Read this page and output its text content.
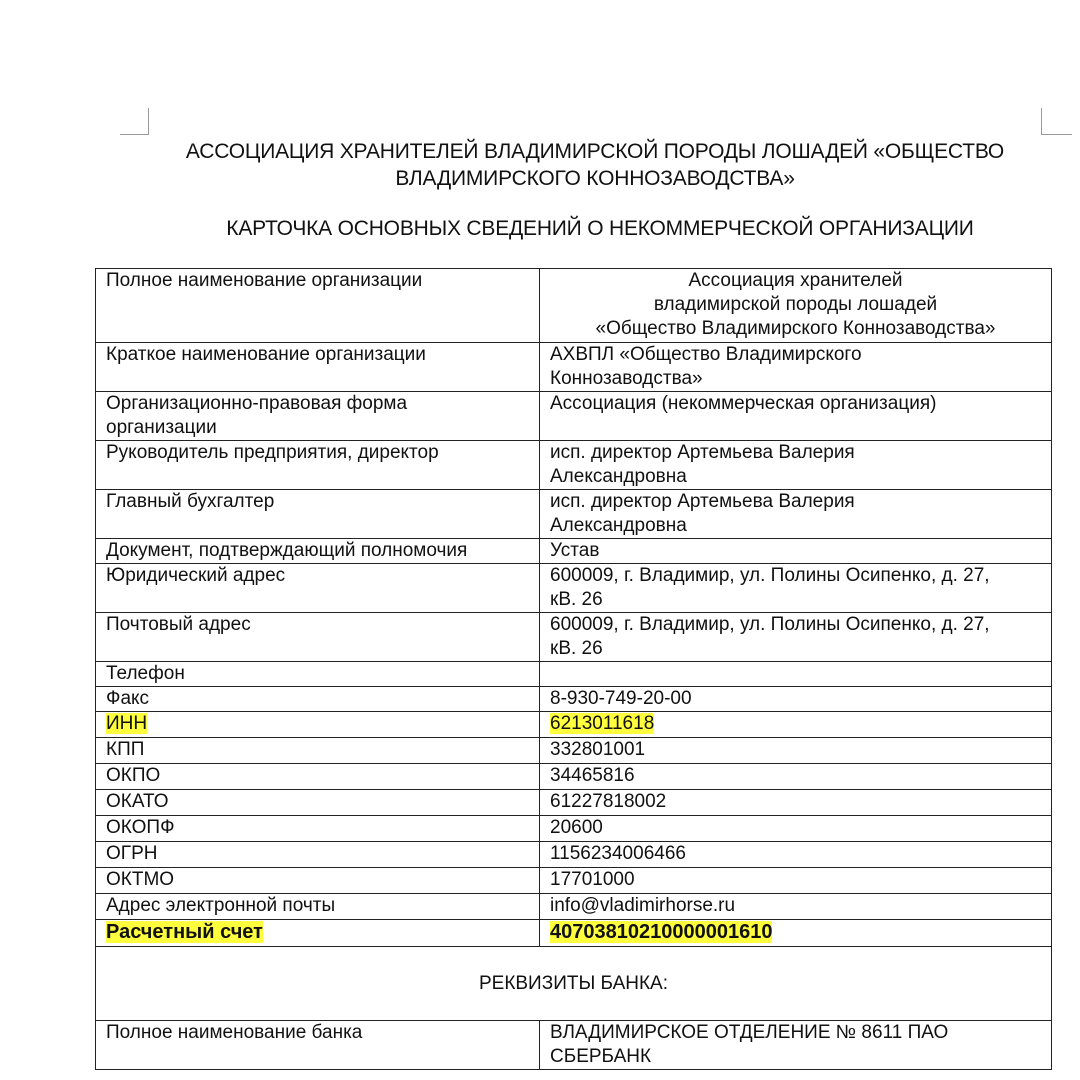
АССОЦИАЦИЯ ХРАНИТЕЛЕЙ ВЛАДИМИРСКОЙ ПОРОДЫ ЛОШАДЕЙ «ОБЩЕСТВО
ВЛАДИМИРСКОГО КОННОЗАВОДСТВА»

КАРТОЧКА ОСНОВНЫХ СВЕДЕНИЙ О НЕКОММЕРЧЕСКОЙ ОРГАНИЗАЦИИ

Полное наименование организации	Ассоциация хранителей
владимирской породы лошадей
«Общество Владимирского Коннозаводства»
Краткое наименование организации	АХВПЛ «Общество Владимирского
Коннозаводства»
Организационно-правовая форма
организации	Ассоциация (некоммерческая организация)
Руководитель предприятия, директор	исп. директор Артемьева Валерия
Александровна
Главный бухгалтер	исп. директор Артемьева Валерия
Александровна
Документ, подтверждающий полномочия	Устав
Юридический адрес	600009, г. Владимир, ул. Полины Осипенко, д. 27,
кВ. 26
Почтовый адрес	600009, г. Владимир, ул. Полины Осипенко, д. 27,
кВ. 26
Телефон	
Факс	8-930-749-20-00
ИНН	6213011618
КПП	332801001
ОКПО	34465816
ОКАТО	61227818002
ОКОПФ	20600
ОГРН	1156234006466
ОКТМО	17701000
Адрес электронной почты	info@vladimirhorse.ru
Расчетный счет	40703810210000001610
РЕКВИЗИТЫ БАНКА:	
Полное наименование банка	ВЛАДИМИРСКОЕ ОТДЕЛЕНИЕ № 8611 ПАО
СБЕРБАНК
